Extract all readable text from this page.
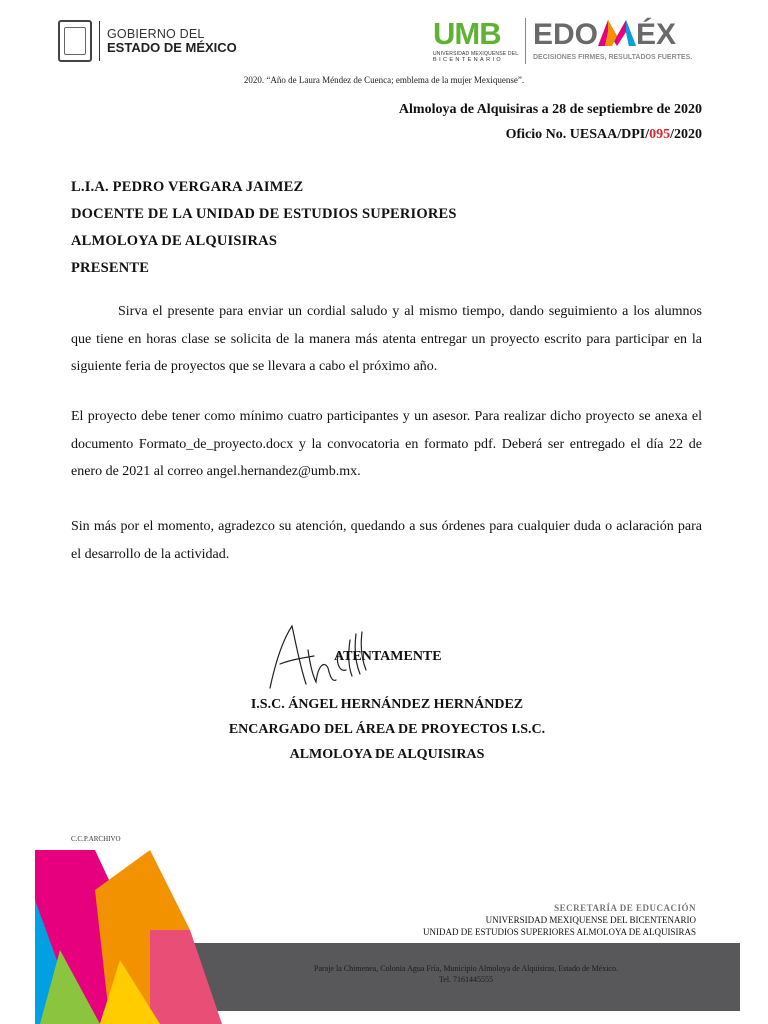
GOBIERNO DEL
ESTADO DE MÉXICO	UMB
UNIVERSIDAD MEXIQUENSE DEL
BICENTENARIO
EDO ÉX
DECISIONES FIRMES, RESULTADOS FUERTES.
2020. “Año de Laura Méndez de Cuenca; emblema de la mujer Mexiquense”.
Almoloya de Alquisiras a 28 de septiembre de 2020
Oficio No. UESAA/DPI/095/2020
L.I.A. PEDRO VERGARA JAIMEZ
DOCENTE DE LA UNIDAD DE ESTUDIOS SUPERIORES
ALMOLOYA DE ALQUISIRAS
PRESENTE
Sirva el presente para enviar un cordial saludo y al mismo tiempo, dando seguimiento a los alumnos que tiene en horas clase se solicita de la manera más atenta entregar un proyecto escrito para participar en la siguiente feria de proyectos que se llevara a cabo el próximo año.
El proyecto debe tener como mínimo cuatro participantes y un asesor. Para realizar dicho proyecto se anexa el documento Formato_de_proyecto.docx y la convocatoria en formato pdf. Deberá ser entregado el día 22 de enero de 2021 al correo angel.hernandez@umb.mx.
Sin más por el momento, agradezco su atención, quedando a sus órdenes para cualquier duda o aclaración para el desarrollo de la actividad.
ATENTAMENTE
I.S.C. ÁNGEL HERNÁNDEZ HERNÁNDEZ
ENCARGADO DEL ÁREA DE PROYECTOS I.S.C.
ALMOLOYA DE ALQUISIRAS
C.C.P.ARCHIVO
SECRETARÍA DE EDUCACIÓN
UNIVERSIDAD MEXIQUENSE DEL BICENTENARIO
UNIDAD DE ESTUDIOS SUPERIORES ALMOLOYA DE ALQUISIRAS
Paraje la Chimenea, Colonia Agua Fría, Municipio Almoloya de Alquisiras, Estado de México.
Tel. 7161445555
